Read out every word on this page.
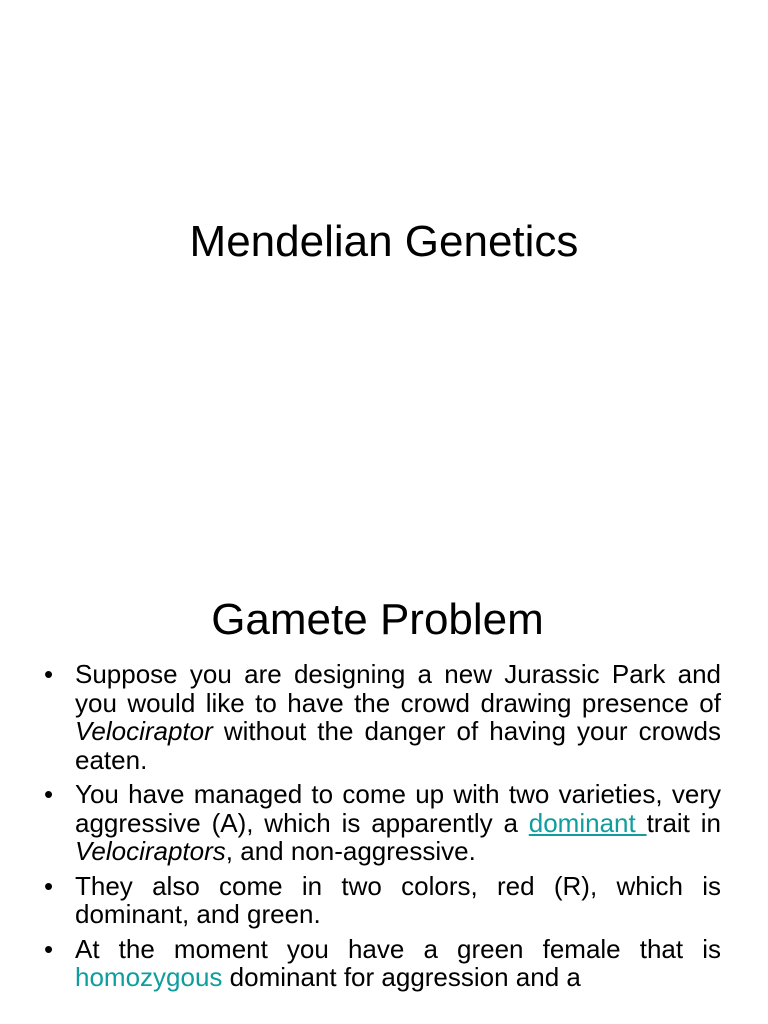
Mendelian Genetics
Gamete Problem
• Suppose you are designing a new Jurassic Park and you would like to have the crowd drawing presence of Velociraptor without the danger of having your crowds eaten.
• You have managed to come up with two varieties, very aggressive (A), which is apparently a dominant trait in Velociraptors, and non-aggressive.
• They also come in two colors, red (R), which is dominant, and green.
• At the moment you have a green female that is homozygous dominant for aggression and a
